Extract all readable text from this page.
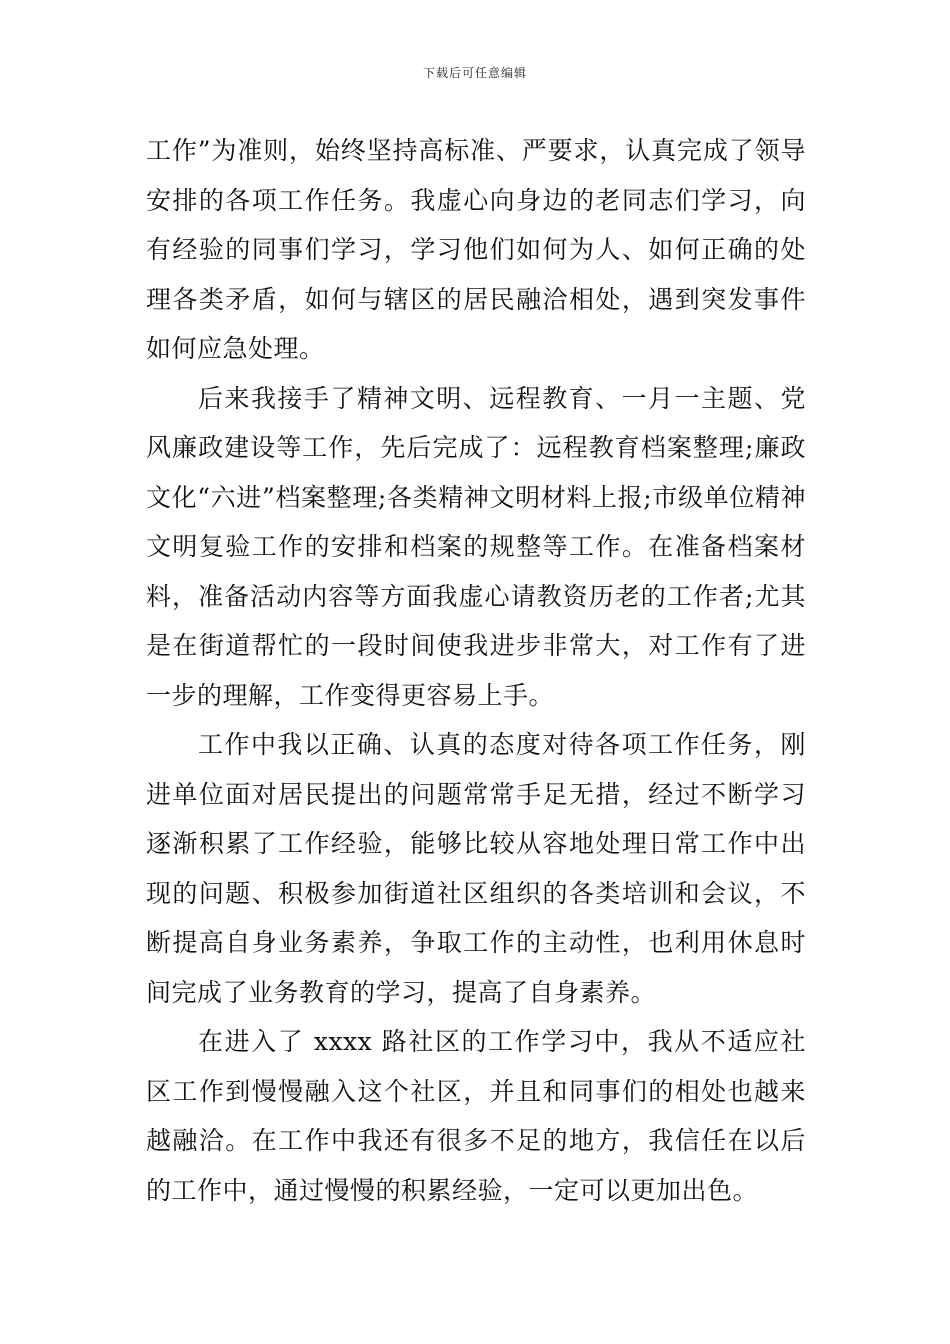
下载后可任意编辑

工作”为准则，始终坚持高标准、严要求，认真完成了领导安排的各项工作任务。我虚心向身边的老同志们学习，向有经验的同事们学习，学习他们如何为人、如何正确的处理各类矛盾，如何与辖区的居民融洽相处，遇到突发事件如何应急处理。

后来我接手了精神文明、远程教育、一月一主题、党风廉政建设等工作，先后完成了：远程教育档案整理;廉政文化“六进”档案整理;各类精神文明材料上报;市级单位精神文明复验工作的安排和档案的规整等工作。在准备档案材料，准备活动内容等方面我虚心请教资历老的工作者;尤其是在街道帮忙的一段时间使我进步非常大，对工作有了进一步的理解，工作变得更容易上手。

工作中我以正确、认真的态度对待各项工作任务，刚进单位面对居民提出的问题常常手足无措，经过不断学习逐渐积累了工作经验，能够比较从容地处理日常工作中出现的问题、积极参加街道社区组织的各类培训和会议，不断提高自身业务素养，争取工作的主动性，也利用休息时间完成了业务教育的学习，提高了自身素养。

在进入了 xxxx 路社区的工作学习中，我从不适应社区工作到慢慢融入这个社区，并且和同事们的相处也越来越融洽。在工作中我还有很多不足的地方，我信任在以后的工作中，通过慢慢的积累经验，一定可以更加出色。
